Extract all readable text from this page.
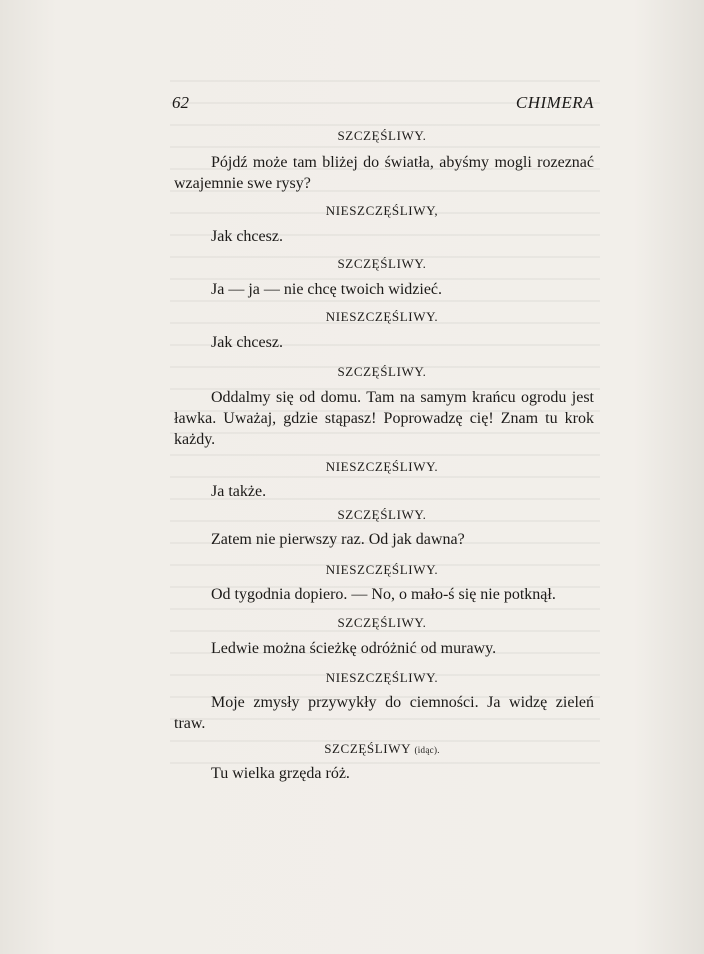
62	CHIMERA
SZCZĘŚLIWY.
Pójdź może tam bliżej do światła, abyśmy mogli rozeznać wzajemnie swe rysy?
NIESZCZĘŚLIWY,
Jak chcesz.
SZCZĘŚLIWY.
Ja — ja — nie chcę twoich widzieć.
NIESZCZĘŚLIWY.
Jak chcesz.
SZCZĘŚLIWY.
Oddalmy się od domu. Tam na samym krańcu ogrodu jest ławka. Uważaj, gdzie stąpasz! Poprowadzę cię! Znam tu krok każdy.
NIESZCZĘŚLIWY.
Ja także.
SZCZĘŚLIWY.
Zatem nie pierwszy raz. Od jak dawna?
NIESZCZĘŚLIWY.
Od tygodnia dopiero. — No, o mało-ś się nie potknął.
SZCZĘŚLIWY.
Ledwie można ścieżkę odróżnić od murawy.
NIESZCZĘŚLIWY.
Moje zmysły przywykły do ciemności. Ja widzę zieleń traw.
SZCZĘŚLIWY (idąc).
Tu wielka grzęda róż.
